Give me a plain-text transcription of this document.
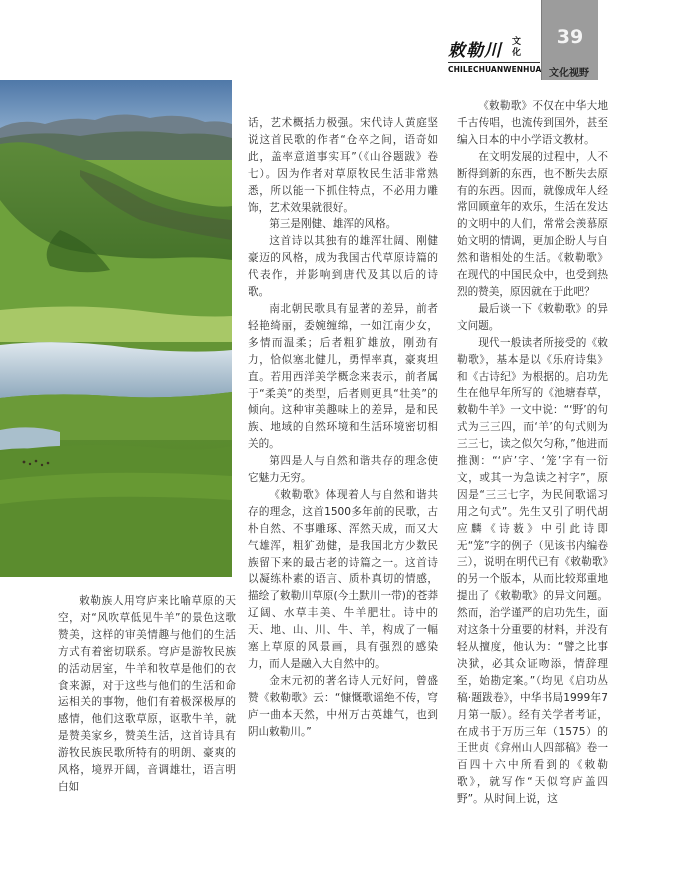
敕勒川 文化
CHILECHUANWENHUA
39
文化视野

敕勒族人用穹庐来比喻草原的天空，对“风吹草低见牛羊”的景色这歌赞美，这样的审美情趣与他们的生活方式有着密切联系。穹庐是游牧民族的活动居室，牛羊和牧草是他们的衣食来源，对于这些与他们的生活和命运相关的事物，他们有着极深极厚的感情，他们这歌草原，讴歌牛羊，就是赞美家乡，赞美生活，这首诗具有游牧民族民歌所特有的明朗、豪爽的风格，境界开阔，音调雄壮，语言明白如

话，艺术概括力极强。宋代诗人黄庭坚说这首民歌的作者“仓卒之间，语奇如此，盖率意道事实耳”（《山谷题跋》卷七）。因为作者对草原牧民生活非常熟悉，所以能一下抓住特点，不必用力雕饰，艺术效果就很好。

第三是刚健、雄浑的风格。

这首诗以其独有的雄浑壮阔、刚健豪迈的风格，成为我国古代草原诗篇的代表作，并影响到唐代及其以后的诗歌。

南北朝民歌具有显著的差异，前者轻艳绮丽，委婉缠绵，一如江南少女，多情而温柔；后者粗犷雄放，刚劲有力，恰似塞北健儿，勇悍率真，豪爽坦直。若用西洋美学概念来表示，前者属于“柔美”的类型，后者则更具“壮美”的倾向。这种审美趣味上的差异，是和民族、地域的自然环境和生活环境密切相关的。

第四是人与自然和谐共存的理念使它魅力无穷。

《敕勒歌》体现着人与自然和谐共存的理念，这首1500多年前的民歌，古朴自然、不事雕琢、浑然天成，而又大气雄浑，粗犷劲健，是我国北方少数民族留下来的最古老的诗篇之一。这首诗以凝练朴素的语言、质朴真切的情感，描绘了敕勒川草原(今土默川一带)的苍莽辽阔、水草丰美、牛羊肥壮。诗中的天、地、山、川、牛、羊，构成了一幅塞上草原的风景画，具有强烈的感染力，而人是融入大自然中的。

金末元初的著名诗人元好问，曾盛赞《敕勒歌》云：“慷慨歌谣绝不传，穹庐一曲本天然，中州万古英雄气，也到阴山敕勒川。”

《敕勒歌》不仅在中华大地千古传唱，也流传到国外，甚至编入日本的中小学语文教材。

在文明发展的过程中，人不断得到新的东西，也不断失去原有的东西。因而，就像成年人经常回顾童年的欢乐，生活在发达的文明中的人们，常常会羡慕原始文明的情调，更加企盼人与自然和谐相处的生活。《敕勒歌》在现代的中国民众中，也受到热烈的赞美，原因就在于此吧？

最后谈一下《敕勒歌》的异文问题。

现代一般读者所接受的《敕勒歌》，基本是以《乐府诗集》和《古诗纪》为根据的。启功先生在他早年所写的《池塘春草，敕勒牛羊》一文中说：“‘野’的句式为三三四，而‘羊’的句式则为三三七，读之似欠匀称，”他进而推测：“‘庐’字、‘笼’字有一衍文，或其一为急读之衬字”，原因是“三三七字，为民间歌谣习用之句式”。先生又引了明代胡应麟《诗薮》中引此诗即无“笼”字的例子（见该书内编卷三），说明在明代已有《敕勒歌》的另一个版本，从而比较郑重地提出了《敕勒歌》的异文问题。然而，治学谨严的启功先生，面对这条十分重要的材料，并没有轻从擅度，他认为：“譬之比事决狱，必其众证吻添，情辞理至，始勘定案。”（均见《启功丛稿·题跋卷》，中华书局1999年7月第一版）。经有关学者考证，在成书于万历三年（1575）的王世贞《弇州山人四部稿》卷一百四十六中所看到的《敕勒歌》，就写作“天似穹庐盖四野”。从时间上说，这
